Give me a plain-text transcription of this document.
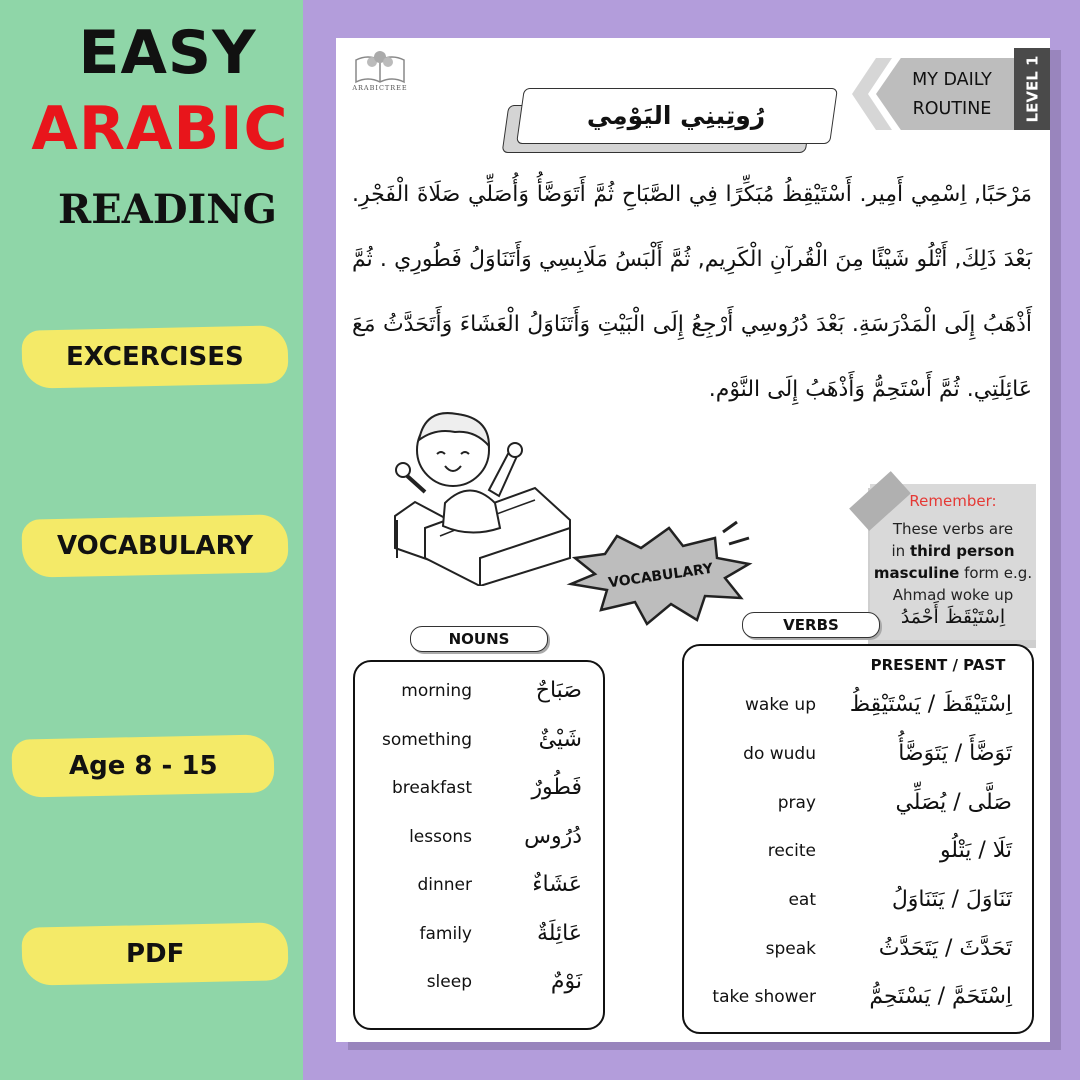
EASY
ARABIC
READING
EXCERCISES
VOCABULARY
Age 8 - 15
PDF
ARABICTREE
رُوتِينِي اليَوْمِي
MY DAILY
ROUTINE LEVEL 1
مَرْحَبًا, اِسْمِي أَمِير. أَسْتَيْقِظُ مُبَكِّرًا فِي الصَّبَاحِ ثُمَّ أَتَوَضَّأُ وَأُصَلِّي صَلَاةَ الْفَجْرِ. بَعْدَ ذَلِكَ, أَتْلُو شَيْئًا مِنَ الْقُرآنِ الْكَرِيم, ثُمَّ أَلْبَسُ مَلَابِسِي وَأَتَنَاوَلُ فَطُورِي . ثُمَّ أَذْهَبُ إِلَى الْمَدْرَسَةِ. بَعْدَ دُرُوسِي أَرْجِعُ إِلَى الْبَيْتِ وَأَتَنَاوَلُ الْعَشَاءَ وَأَتَحَدَّثُ مَعَ عَائِلَتِي. ثُمَّ أَسْتَحِمُّ وَأَذْهَبُ إِلَى النَّوْم.
VOCABULARY
Remember:
These verbs are
in third person
masculine form e.g.
Ahmad woke up
اِسْتَيْقَظَ أَحْمَدُ
NOUNS
VERBS
PRESENT / PAST
morning	صَبَاحٌ
something	شَيْئٌ
breakfast	فَطُورٌ
lessons	دُرُوس
dinner	عَشَاءٌ
family	عَائِلَةٌ
sleep	نَوْمٌ
wake up	اِسْتَيْقَظَ / يَسْتَيْقِظُ
do wudu	تَوَضَّأَ / يَتَوَضَّأُ
pray	صَلَّى / يُصَلِّي
recite	تَلَا / يَتْلُو
eat	تَنَاوَلَ / يَتَنَاوَلُ
speak	تَحَدَّثَ / يَتَحَدَّثُ
take shower	اِسْتَحَمَّ / يَسْتَحِمُّ
